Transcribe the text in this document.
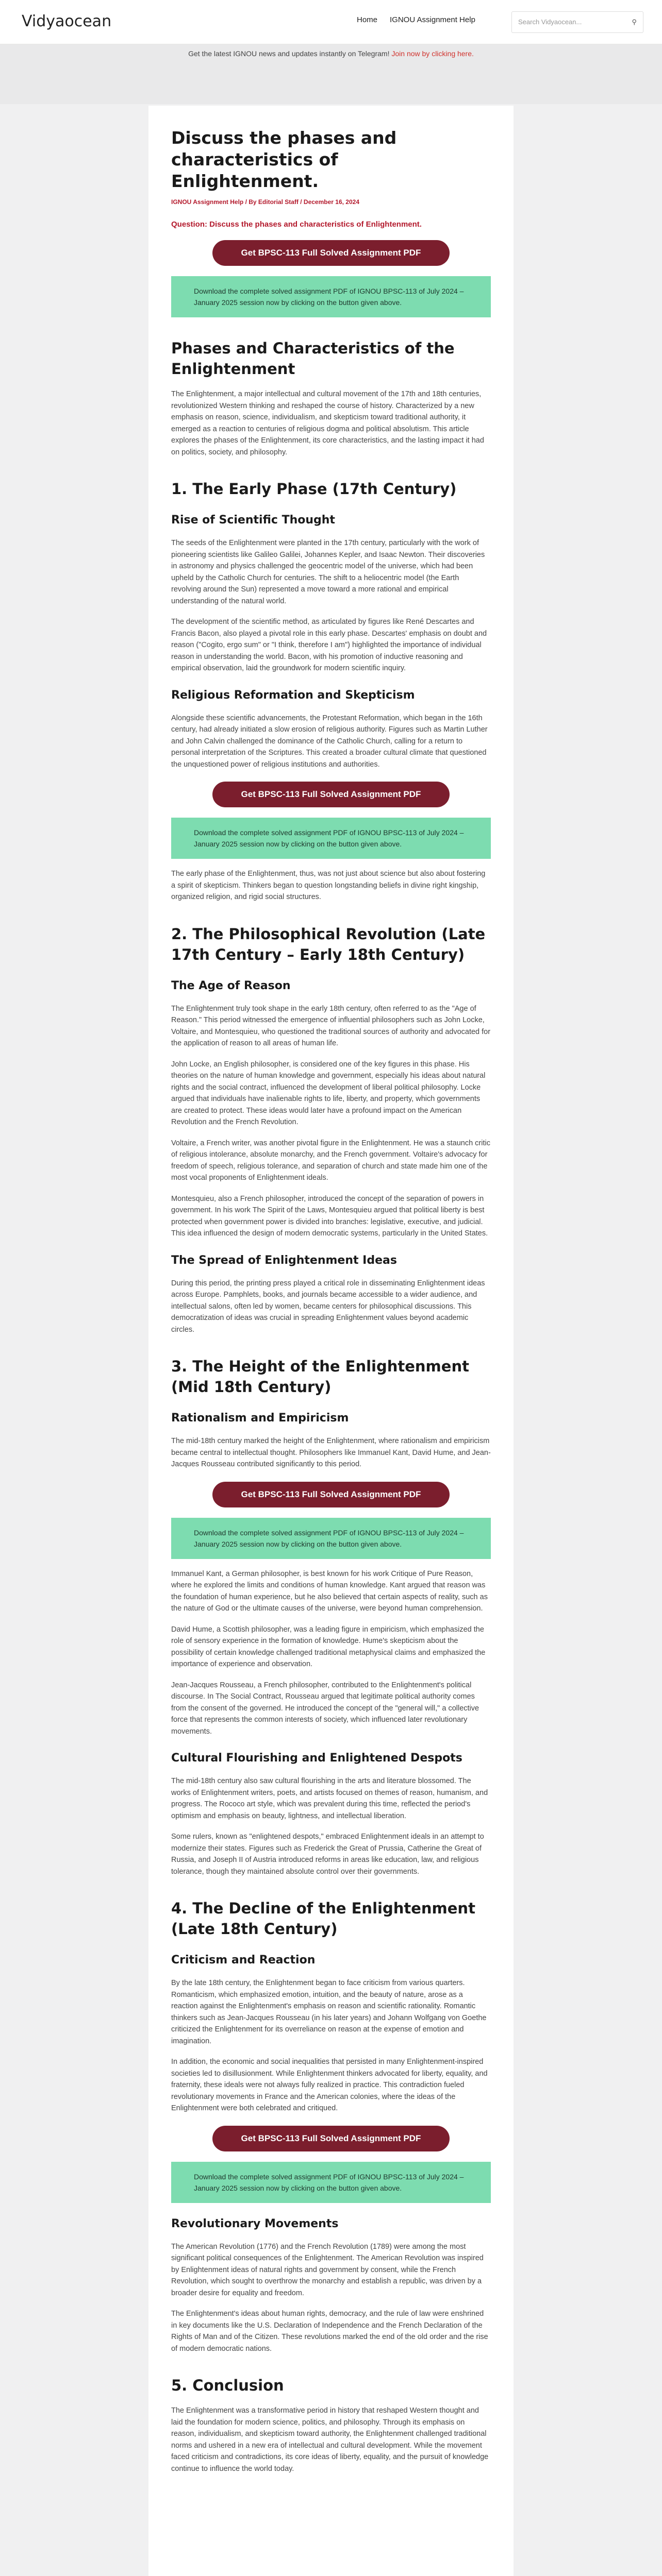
Vidyaocean	Home IGNOU Assignment Help	Search Vidyaocean...	⚲
Get the latest IGNOU news and updates instantly on Telegram! Join now by clicking here.
Discuss the phases and characteristics of Enlightenment.
IGNOU Assignment Help / By Editorial Staff / December 16, 2024
Question: Discuss the phases and characteristics of Enlightenment.
Get BPSC-113 Full Solved Assignment PDF
Download the complete solved assignment PDF of IGNOU BPSC-113 of July 2024 – January 2025 session now by clicking on the button given above.
Phases and Characteristics of the Enlightenment

The Enlightenment, a major intellectual and cultural movement of the 17th and 18th centuries, revolutionized Western thinking and reshaped the course of history. Characterized by a new emphasis on reason, science, individualism, and skepticism toward traditional authority, it emerged as a reaction to centuries of religious dogma and political absolutism. This article explores the phases of the Enlightenment, its core characteristics, and the lasting impact it had on politics, society, and philosophy.

1. The Early Phase (17th Century)
Rise of Scientific Thought

The seeds of the Enlightenment were planted in the 17th century, particularly with the work of pioneering scientists like Galileo Galilei, Johannes Kepler, and Isaac Newton. Their discoveries in astronomy and physics challenged the geocentric model of the universe, which had been upheld by the Catholic Church for centuries. The shift to a heliocentric model (the Earth revolving around the Sun) represented a move toward a more rational and empirical understanding of the natural world.

The development of the scientific method, as articulated by figures like René Descartes and Francis Bacon, also played a pivotal role in this early phase. Descartes' emphasis on doubt and reason ("Cogito, ergo sum" or "I think, therefore I am") highlighted the importance of individual reason in understanding the world. Bacon, with his promotion of inductive reasoning and empirical observation, laid the groundwork for modern scientific inquiry.

Religious Reformation and Skepticism

Alongside these scientific advancements, the Protestant Reformation, which began in the 16th century, had already initiated a slow erosion of religious authority. Figures such as Martin Luther and John Calvin challenged the dominance of the Catholic Church, calling for a return to personal interpretation of the Scriptures. This created a broader cultural climate that questioned the unquestioned power of religious institutions and authorities.

Get BPSC-113 Full Solved Assignment PDF
Download the complete solved assignment PDF of IGNOU BPSC-113 of July 2024 – January 2025 session now by clicking on the button given above.

The early phase of the Enlightenment, thus, was not just about science but also about fostering a spirit of skepticism. Thinkers began to question longstanding beliefs in divine right kingship, organized religion, and rigid social structures.

2. The Philosophical Revolution (Late 17th Century – Early 18th Century)
The Age of Reason

The Enlightenment truly took shape in the early 18th century, often referred to as the "Age of Reason." This period witnessed the emergence of influential philosophers such as John Locke, Voltaire, and Montesquieu, who questioned the traditional sources of authority and advocated for the application of reason to all areas of human life.

John Locke, an English philosopher, is considered one of the key figures in this phase. His theories on the nature of human knowledge and government, especially his ideas about natural rights and the social contract, influenced the development of liberal political philosophy. Locke argued that individuals have inalienable rights to life, liberty, and property, which governments are created to protect. These ideas would later have a profound impact on the American Revolution and the French Revolution.

Voltaire, a French writer, was another pivotal figure in the Enlightenment. He was a staunch critic of religious intolerance, absolute monarchy, and the French government. Voltaire's advocacy for freedom of speech, religious tolerance, and separation of church and state made him one of the most vocal proponents of Enlightenment ideals.

Montesquieu, also a French philosopher, introduced the concept of the separation of powers in government. In his work The Spirit of the Laws, Montesquieu argued that political liberty is best protected when government power is divided into branches: legislative, executive, and judicial. This idea influenced the design of modern democratic systems, particularly in the United States.

The Spread of Enlightenment Ideas

During this period, the printing press played a critical role in disseminating Enlightenment ideas across Europe. Pamphlets, books, and journals became accessible to a wider audience, and intellectual salons, often led by women, became centers for philosophical discussions. This democratization of ideas was crucial in spreading Enlightenment values beyond academic circles.

3. The Height of the Enlightenment (Mid 18th Century)
Rationalism and Empiricism

The mid-18th century marked the height of the Enlightenment, where rationalism and empiricism became central to intellectual thought. Philosophers like Immanuel Kant, David Hume, and Jean-Jacques Rousseau contributed significantly to this period.

Get BPSC-113 Full Solved Assignment PDF
Download the complete solved assignment PDF of IGNOU BPSC-113 of July 2024 – January 2025 session now by clicking on the button given above.

Immanuel Kant, a German philosopher, is best known for his work Critique of Pure Reason, where he explored the limits and conditions of human knowledge. Kant argued that reason was the foundation of human experience, but he also believed that certain aspects of reality, such as the nature of God or the ultimate causes of the universe, were beyond human comprehension.

David Hume, a Scottish philosopher, was a leading figure in empiricism, which emphasized the role of sensory experience in the formation of knowledge. Hume's skepticism about the possibility of certain knowledge challenged traditional metaphysical claims and emphasized the importance of experience and observation.

Jean-Jacques Rousseau, a French philosopher, contributed to the Enlightenment's political discourse. In The Social Contract, Rousseau argued that legitimate political authority comes from the consent of the governed. He introduced the concept of the "general will," a collective force that represents the common interests of society, which influenced later revolutionary movements.

Cultural Flourishing and Enlightened Despots

The mid-18th century also saw cultural flourishing in the arts and literature blossomed. The works of Enlightenment writers, poets, and artists focused on themes of reason, humanism, and progress. The Rococo art style, which was prevalent during this time, reflected the period's optimism and emphasis on beauty, lightness, and intellectual liberation.

Some rulers, known as "enlightened despots," embraced Enlightenment ideals in an attempt to modernize their states. Figures such as Frederick the Great of Prussia, Catherine the Great of Russia, and Joseph II of Austria introduced reforms in areas like education, law, and religious tolerance, though they maintained absolute control over their governments.

4. The Decline of the Enlightenment (Late 18th Century)
Criticism and Reaction

By the late 18th century, the Enlightenment began to face criticism from various quarters. Romanticism, which emphasized emotion, intuition, and the beauty of nature, arose as a reaction against the Enlightenment's emphasis on reason and scientific rationality. Romantic thinkers such as Jean-Jacques Rousseau (in his later years) and Johann Wolfgang von Goethe criticized the Enlightenment for its overreliance on reason at the expense of emotion and imagination.

In addition, the economic and social inequalities that persisted in many Enlightenment-inspired societies led to disillusionment. While Enlightenment thinkers advocated for liberty, equality, and fraternity, these ideals were not always fully realized in practice. This contradiction fueled revolutionary movements in France and the American colonies, where the ideas of the Enlightenment were both celebrated and critiqued.

Get BPSC-113 Full Solved Assignment PDF
Download the complete solved assignment PDF of IGNOU BPSC-113 of July 2024 – January 2025 session now by clicking on the button given above.
Revolutionary Movements

The American Revolution (1776) and the French Revolution (1789) were among the most significant political consequences of the Enlightenment. The American Revolution was inspired by Enlightenment ideas of natural rights and government by consent, while the French Revolution, which sought to overthrow the monarchy and establish a republic, was driven by a broader desire for equality and freedom.

The Enlightenment's ideas about human rights, democracy, and the rule of law were enshrined in key documents like the U.S. Declaration of Independence and the French Declaration of the Rights of Man and of the Citizen. These revolutions marked the end of the old order and the rise of modern democratic nations.

5. Conclusion

The Enlightenment was a transformative period in history that reshaped Western thought and laid the foundation for modern science, politics, and philosophy. Through its emphasis on reason, individualism, and skepticism toward authority, the Enlightenment challenged traditional norms and ushered in a new era of intellectual and cultural development. While the movement faced criticism and contradictions, its core ideas of liberty, equality, and the pursuit of knowledge continue to influence the world today.
